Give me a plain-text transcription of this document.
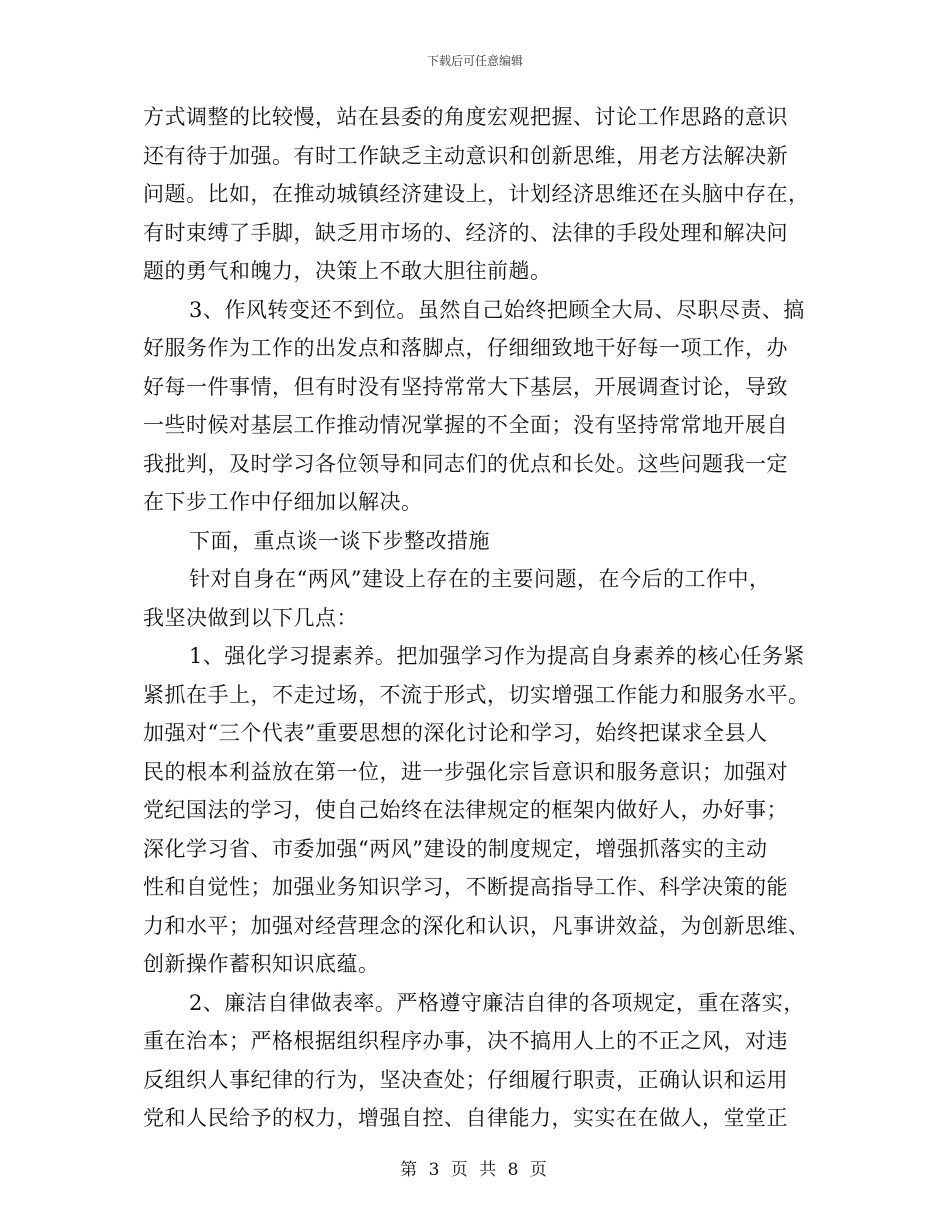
下载后可任意编辑
方式调整的比较慢，站在县委的角度宏观把握、讨论工作思路的意识
还有待于加强。有时工作缺乏主动意识和创新思维，用老方法解决新
问题。比如，在推动城镇经济建设上，计划经济思维还在头脑中存在，
有时束缚了手脚，缺乏用市场的、经济的、法律的手段处理和解决问
题的勇气和魄力，决策上不敢大胆往前趟。
3、作风转变还不到位。虽然自己始终把顾全大局、尽职尽责、搞
好服务作为工作的出发点和落脚点，仔细细致地干好每一项工作，办
好每一件事情，但有时没有坚持常常大下基层，开展调查讨论，导致
一些时候对基层工作推动情况掌握的不全面；没有坚持常常地开展自
我批判，及时学习各位领导和同志们的优点和长处。这些问题我一定
在下步工作中仔细加以解决。
下面，重点谈一谈下步整改措施
针对自身在“两风”建设上存在的主要问题，在今后的工作中，
我坚决做到以下几点：
1、强化学习提素养。把加强学习作为提高自身素养的核心任务紧
紧抓在手上，不走过场，不流于形式，切实增强工作能力和服务水平。
加强对“三个代表”重要思想的深化讨论和学习，始终把谋求全县人
民的根本利益放在第一位，进一步强化宗旨意识和服务意识；加强对
党纪国法的学习，使自己始终在法律规定的框架内做好人，办好事；
深化学习省、市委加强“两风”建设的制度规定，增强抓落实的主动
性和自觉性；加强业务知识学习，不断提高指导工作、科学决策的能
力和水平；加强对经营理念的深化和认识，凡事讲效益，为创新思维、
创新操作蓄积知识底蕴。
2、廉洁自律做表率。严格遵守廉洁自律的各项规定，重在落实，
重在治本；严格根据组织程序办事，决不搞用人上的不正之风，对违
反组织人事纪律的行为，坚决查处；仔细履行职责，正确认识和运用
党和人民给予的权力，增强自控、自律能力，实实在在做人，堂堂正
第 3 页 共 8 页
